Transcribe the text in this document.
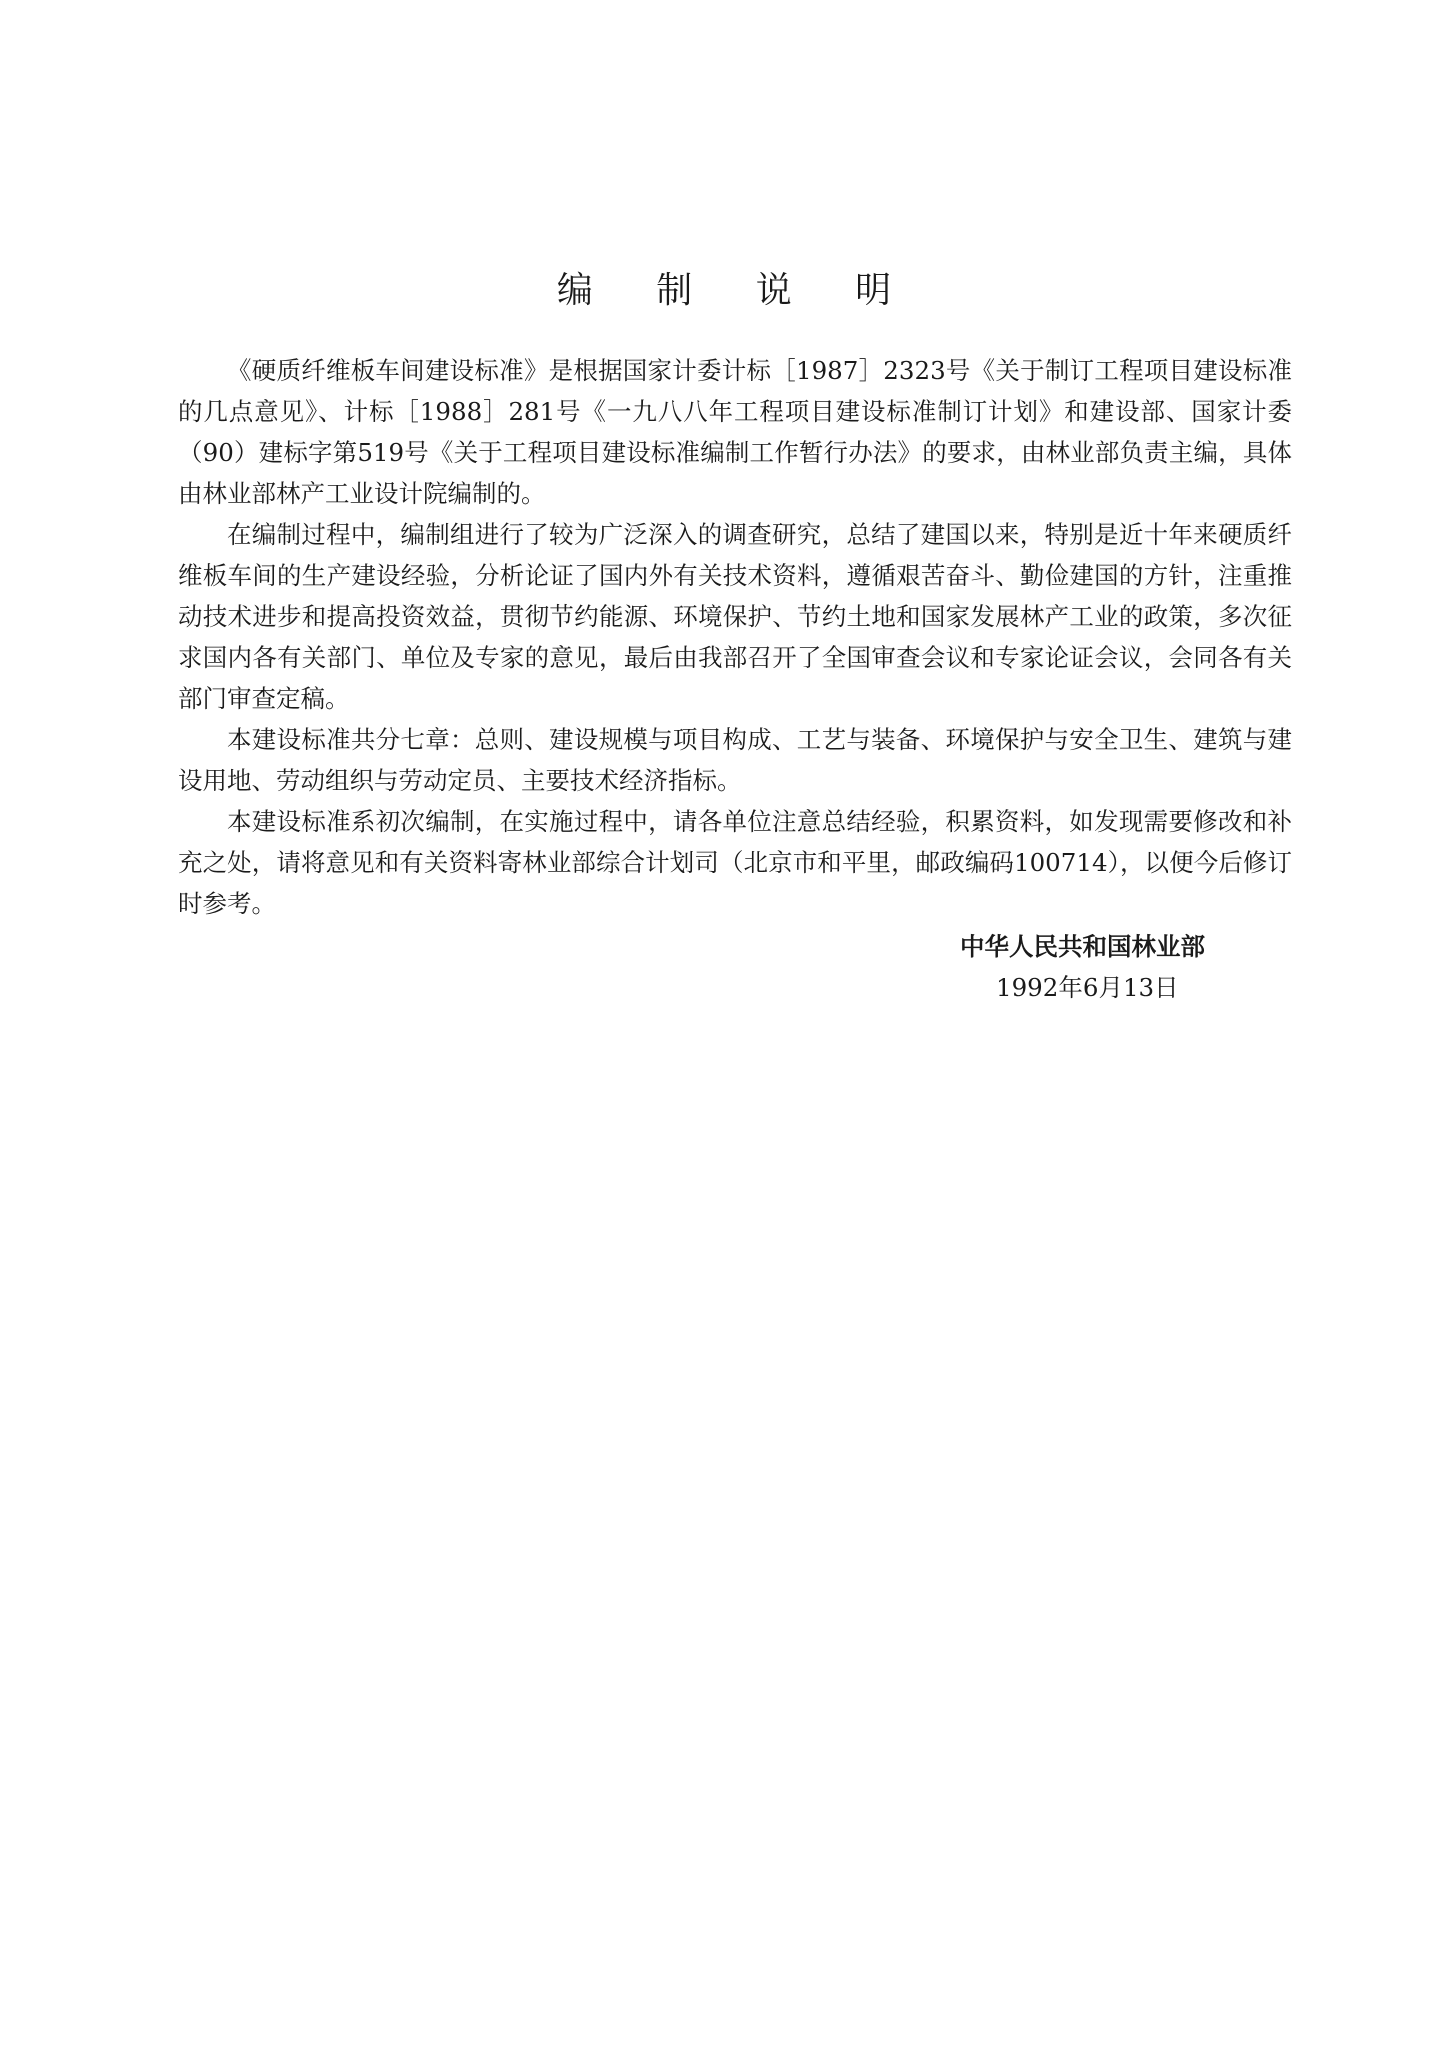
编 制 说 明

《硬质纤维板车间建设标准》是根据国家计委计标［1987］2323号《关于制订工程项目建设标准的几点意见》、计标［1988］281号《一九八八年工程项目建设标准制订计划》和建设部、国家计委（90）建标字第519号《关于工程项目建设标准编制工作暂行办法》的要求，由林业部负责主编，具体由林业部林产工业设计院编制的。

在编制过程中，编制组进行了较为广泛深入的调查研究，总结了建国以来，特别是近十年来硬质纤维板车间的生产建设经验，分析论证了国内外有关技术资料，遵循艰苦奋斗、勤俭建国的方针，注重推动技术进步和提高投资效益，贯彻节约能源、环境保护、节约土地和国家发展林产工业的政策，多次征求国内各有关部门、单位及专家的意见，最后由我部召开了全国审查会议和专家论证会议，会同各有关部门审查定稿。

本建设标准共分七章：总则、建设规模与项目构成、工艺与装备、环境保护与安全卫生、建筑与建设用地、劳动组织与劳动定员、主要技术经济指标。

本建设标准系初次编制，在实施过程中，请各单位注意总结经验，积累资料，如发现需要修改和补充之处，请将意见和有关资料寄林业部综合计划司（北京市和平里，邮政编码100714），以便今后修订时参考。

中华人民共和国林业部
1992年6月13日
